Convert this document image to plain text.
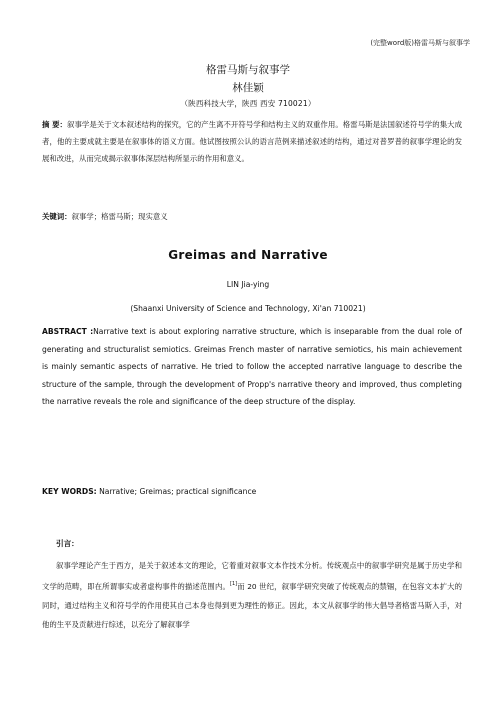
(完整word版)格雷马斯与叙事学
格雷马斯与叙事学
林佳颖
（陕西科技大学，陕西 西安 710021）
摘 要：叙事学是关于文本叙述结构的探究，它的产生离不开符号学和结构主义的双重作用。格雷马斯是法国叙述符号学的集大成者，他的主要成就主要是在叙事体的语义方面。他试图按照公认的语言范例来描述叙述的结构，通过对普罗普的叙事学理论的发展和改进，从而完成揭示叙事体深层结构所显示的作用和意义。
关键词：叙事学；格雷马斯；现实意义
Greimas and Narrative
LIN Jia-ying
(Shaanxi University of Science and Technology, Xi'an 710021)
ABSTRACT :Narrative text is about exploring narrative structure, which is inseparable from the dual role of generating and structuralist semiotics. Greimas French master of narrative semiotics, his main achievement is mainly semantic aspects of narrative. He tried to follow the accepted narrative language to describe the structure of the sample, through the development of Propp's narrative theory and improved, thus completing the narrative reveals the role and significance of the deep structure of the display.
KEY WORDS: Narrative; Greimas; practical significance
引言：
叙事学理论产生于西方，是关于叙述本文的理论，它着重对叙事文本作技术分析。传统观点中的叙事学研究是属于历史学和文学的范畴，即在所谓事实或者虚构事件的描述范围内。[1]而 20 世纪，叙事学研究突破了传统观点的禁锢，在包容文本扩大的同时，通过结构主义和符号学的作用使其自己本身也得到更为理性的修正。因此，本文从叙事学的伟大倡导者格雷马斯入手，对他的生平及贡献进行综述，以充分了解叙事学
